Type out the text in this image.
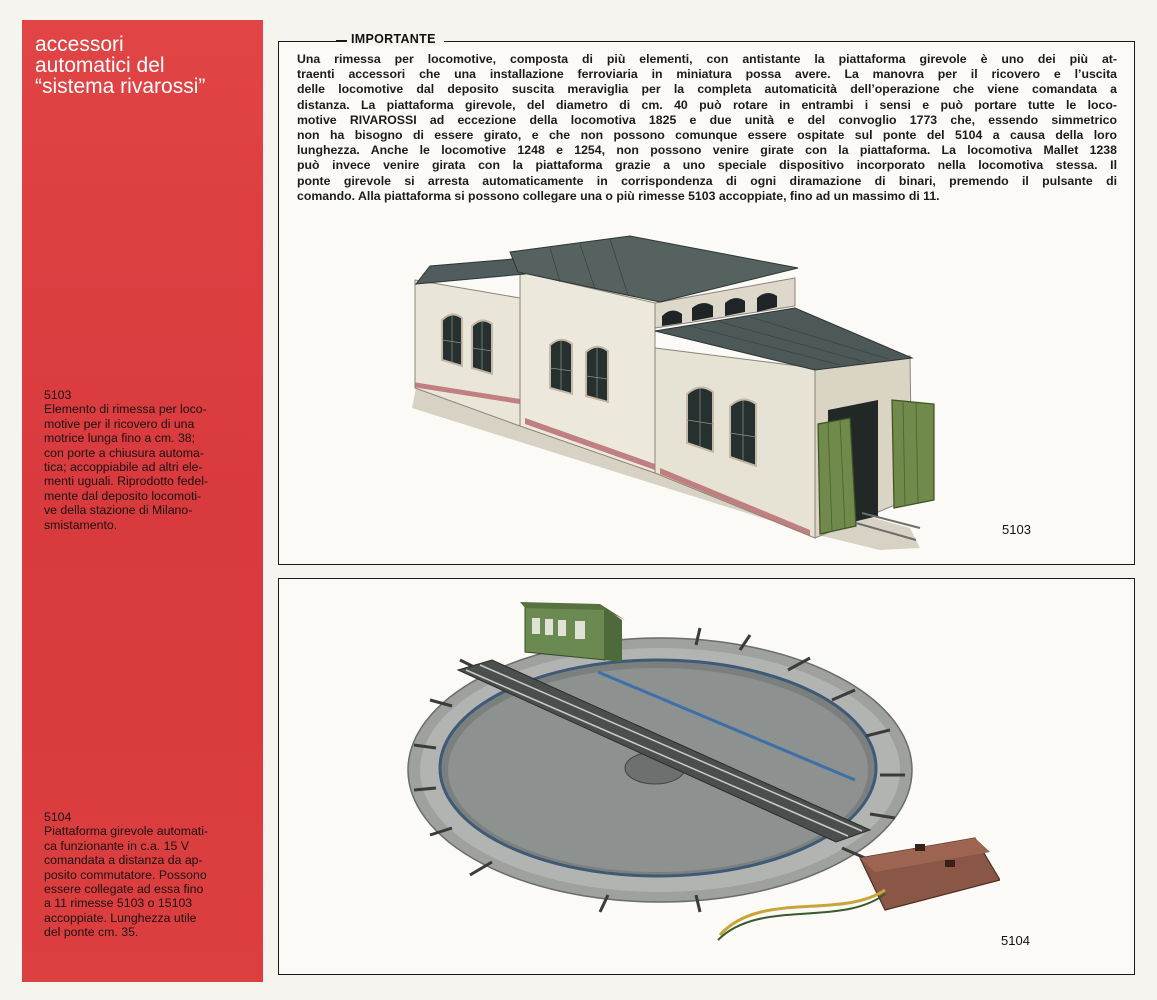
accessori
automatici del
“sistema rivarossi”
5103
Elemento di rimessa per loco-
motive per il ricovero di una
motrice lunga fino a cm. 38;
con porte a chiusura automa-
tica; accoppiabile ad altri ele-
menti uguali. Riprodotto fedel-
mente dal deposito locomoti-
ve della stazione di Milano-
smistamento.
5104
Piattaforma girevole automati-
ca funzionante in c.a. 15 V
comandata a distanza da ap-
posito commutatore. Possono
essere collegate ad essa fino
a 11 rimesse 5103 o 15103
accoppiate. Lunghezza utile
del ponte cm. 35.
IMPORTANTE
Una rimessa per locomotive, composta di più elementi, con antistante la piattaforma girevole è uno dei più at-
traenti accessori che una installazione ferroviaria in miniatura possa avere. La manovra per il ricovero e l’uscita
delle locomotive dal deposito suscita meraviglia per la completa automaticità dell’operazione che viene comandata a
distanza. La piattaforma girevole, del diametro di cm. 40 può rotare in entrambi i sensi e può portare tutte le loco-
motive RIVAROSSI ad eccezione della locomotiva 1825 e due unità e del convoglio 1773 che, essendo simmetrico
non ha bisogno di essere girato, e che non possono comunque essere ospitate sul ponte del 5104 a causa della loro
lunghezza. Anche le locomotive 1248 e 1254, non possono venire girate con la piattaforma. La locomotiva Mallet 1238
può invece venire girata con la piattaforma grazie a uno speciale dispositivo incorporato nella locomotiva stessa. Il
ponte girevole si arresta automaticamente in corrispondenza di ogni diramazione di binari, premendo il pulsante di
comando. Alla piattaforma si possono collegare una o più rimesse 5103 accoppiate, fino ad un massimo di 11.
5103
5104
